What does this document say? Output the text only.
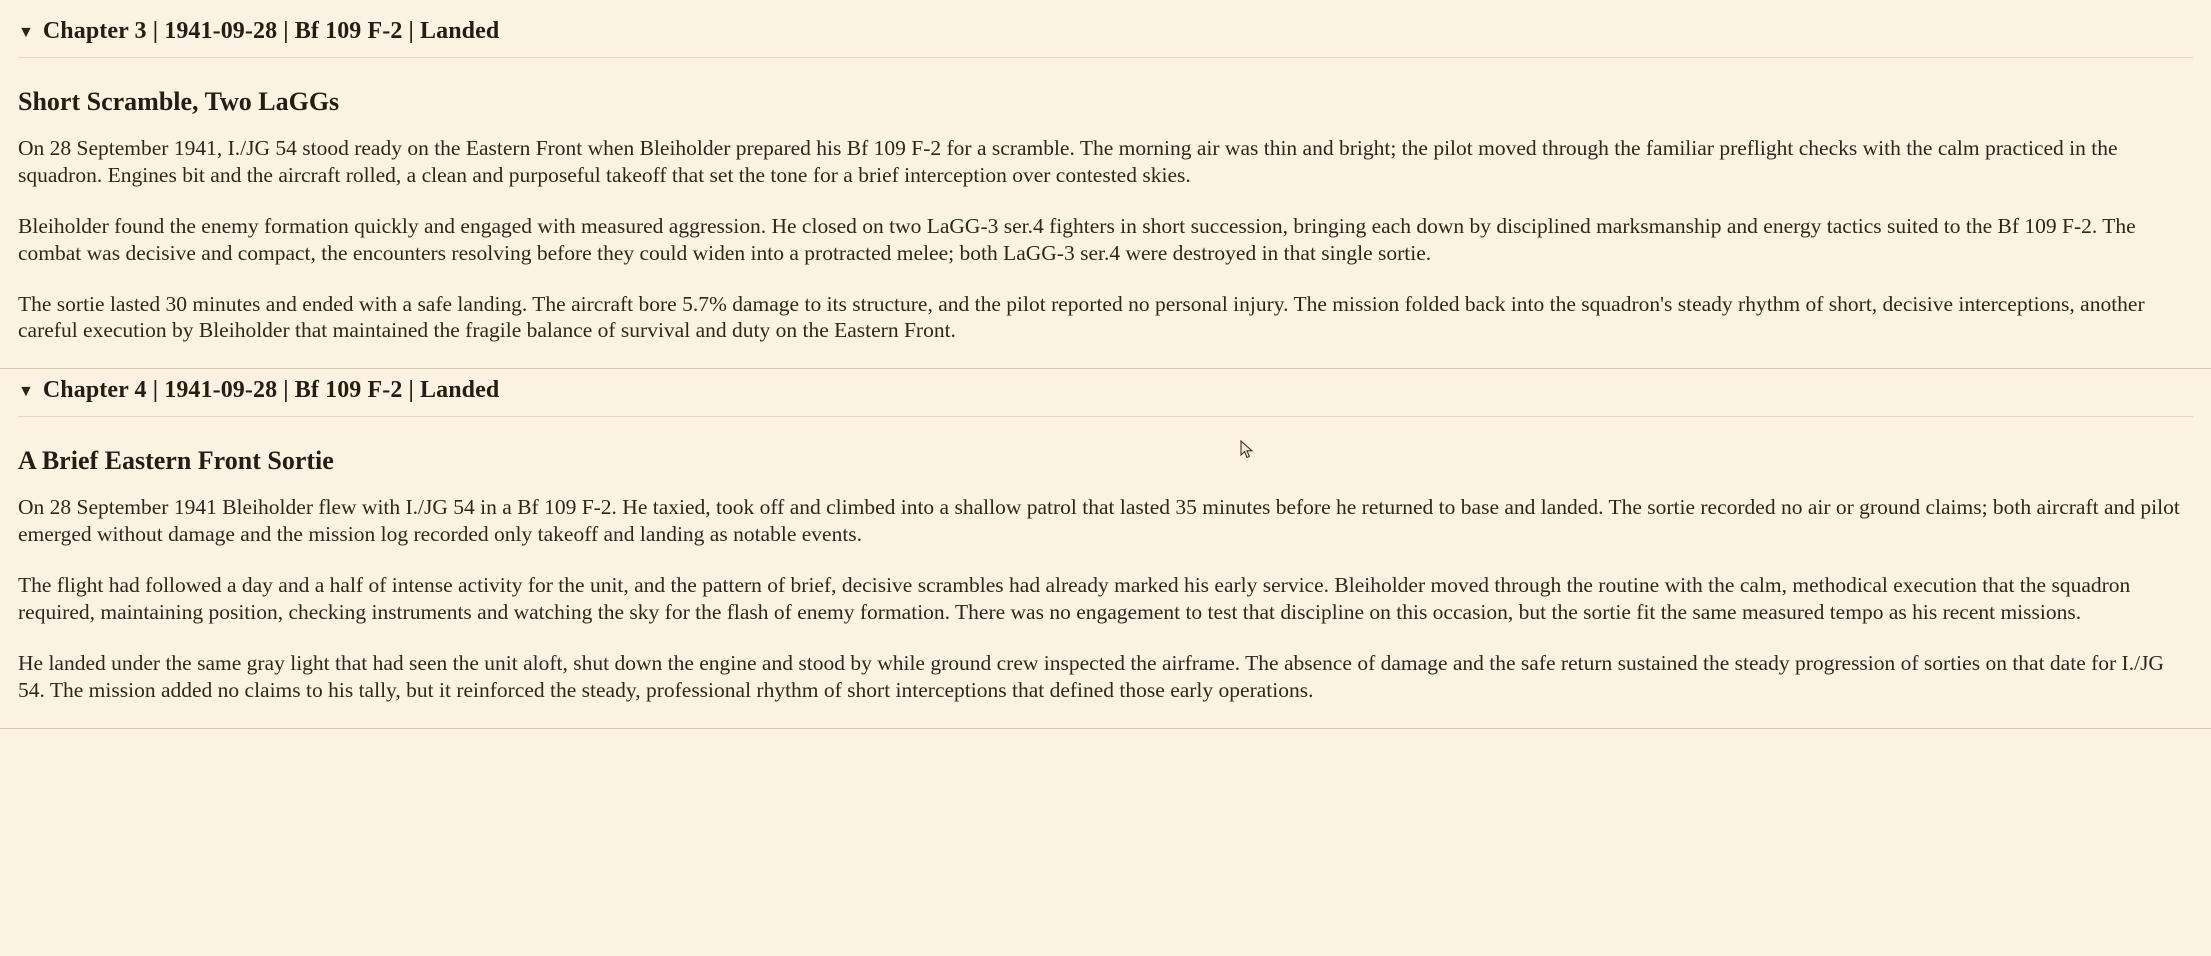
▼ Chapter 3 | 1941-09-28 | Bf 109 F-2 | Landed
Short Scramble, Two LaGGs

On 28 September 1941, I./JG 54 stood ready on the Eastern Front when Bleiholder prepared his Bf 109 F-2 for a scramble. The morning air was thin and bright; the pilot moved through the familiar preflight checks with the calm practiced in the squadron. Engines bit and the aircraft rolled, a clean and purposeful takeoff that set the tone for a brief interception over contested skies.

Bleiholder found the enemy formation quickly and engaged with measured aggression. He closed on two LaGG-3 ser.4 fighters in short succession, bringing each down by disciplined marksmanship and energy tactics suited to the Bf 109 F-2. The combat was decisive and compact, the encounters resolving before they could widen into a protracted melee; both LaGG-3 ser.4 were destroyed in that single sortie.

The sortie lasted 30 minutes and ended with a safe landing. The aircraft bore 5.7% damage to its structure, and the pilot reported no personal injury. The mission folded back into the squadron's steady rhythm of short, decisive interceptions, another careful execution by Bleiholder that maintained the fragile balance of survival and duty on the Eastern Front.

▼ Chapter 4 | 1941-09-28 | Bf 109 F-2 | Landed
A Brief Eastern Front Sortie

On 28 September 1941 Bleiholder flew with I./JG 54 in a Bf 109 F-2. He taxied, took off and climbed into a shallow patrol that lasted 35 minutes before he returned to base and landed. The sortie recorded no air or ground claims; both aircraft and pilot emerged without damage and the mission log recorded only takeoff and landing as notable events.

The flight had followed a day and a half of intense activity for the unit, and the pattern of brief, decisive scrambles had already marked his early service. Bleiholder moved through the routine with the calm, methodical execution that the squadron required, maintaining position, checking instruments and watching the sky for the flash of enemy formation. There was no engagement to test that discipline on this occasion, but the sortie fit the same measured tempo as his recent missions.

He landed under the same gray light that had seen the unit aloft, shut down the engine and stood by while ground crew inspected the airframe. The absence of damage and the safe return sustained the steady progression of sorties on that date for I./JG 54. The mission added no claims to his tally, but it reinforced the steady, professional rhythm of short interceptions that defined those early operations.
